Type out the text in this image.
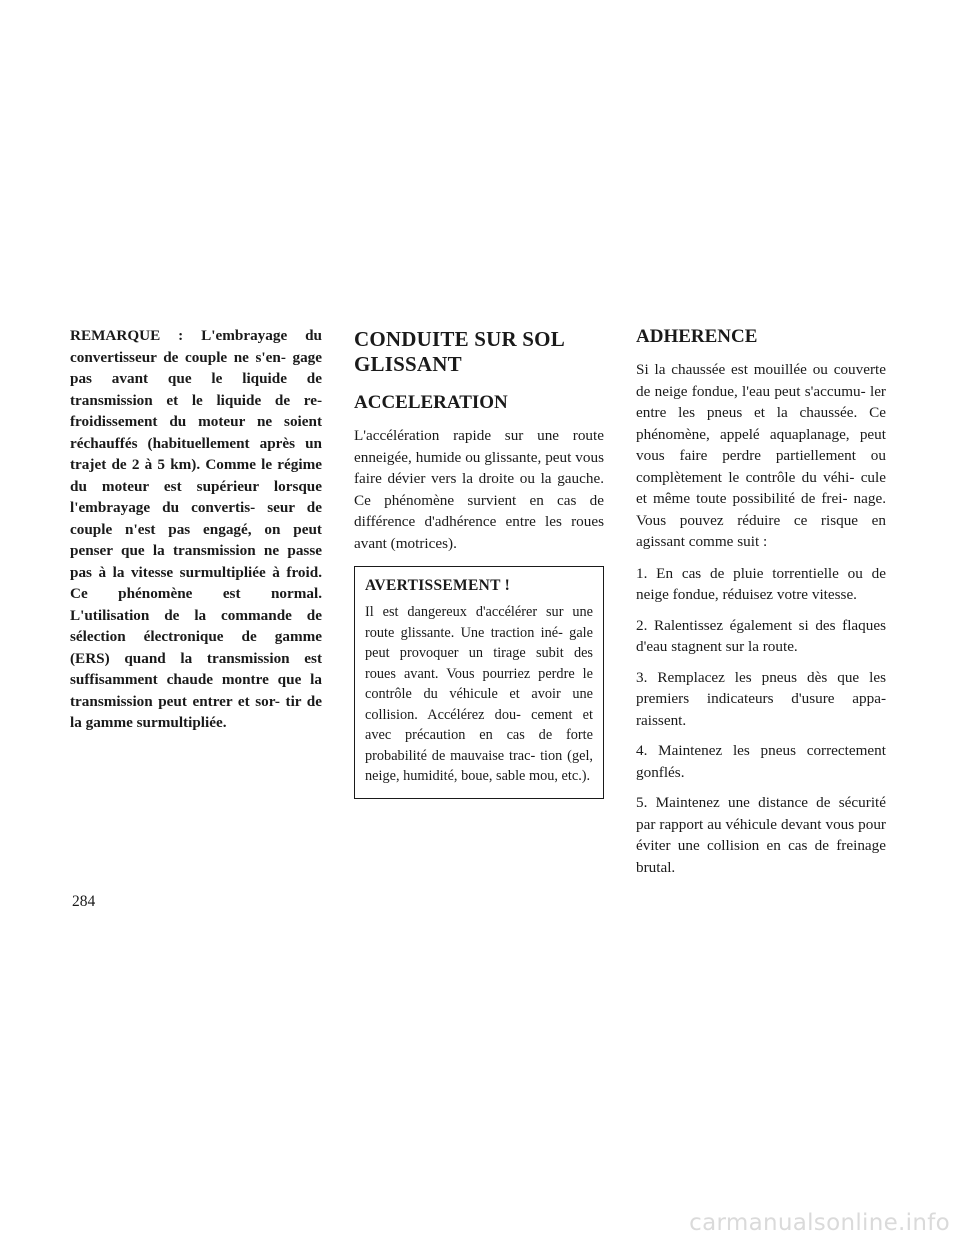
REMARQUE : L'embrayage du convertisseur de couple ne s'en- gage pas avant que le liquide de transmission et le liquide de re- froidissement du moteur ne soient réchauffés (habituellement après un trajet de 2 à 5 km). Comme le régime du moteur est supérieur lorsque l'embrayage du convertis- seur de couple n'est pas engagé, on peut penser que la transmission ne passe pas à la vitesse surmultipliée à froid. Ce phénomène est normal. L'utilisation de la commande de sélection électronique de gamme (ERS) quand la transmission est suffisamment chaude montre que la transmission peut entrer et sor- tir de la gamme surmultipliée.

CONDUITE SUR SOL GLISSANT
ACCELERATION

L'accélération rapide sur une route enneigée, humide ou glissante, peut vous faire dévier vers la droite ou la gauche. Ce phénomène survient en cas de différence d'adhérence entre les roues avant (motrices).

AVERTISSEMENT !

Il est dangereux d'accélérer sur une route glissante. Une traction iné- gale peut provoquer un tirage subit des roues avant. Vous pourriez perdre le contrôle du véhicule et avoir une collision. Accélérez dou- cement et avec précaution en cas de forte probabilité de mauvaise trac- tion (gel, neige, humidité, boue, sable mou, etc.).

ADHERENCE

Si la chaussée est mouillée ou couverte de neige fondue, l'eau peut s'accumu- ler entre les pneus et la chaussée. Ce phénomène, appelé aquaplanage, peut vous faire perdre partiellement ou complètement le contrôle du véhi- cule et même toute possibilité de frei- nage. Vous pouvez réduire ce risque en agissant comme suit :

1. En cas de pluie torrentielle ou de neige fondue, réduisez votre vitesse.

2. Ralentissez également si des flaques d'eau stagnent sur la route.

3. Remplacez les pneus dès que les premiers indicateurs d'usure appa- raissent.

4. Maintenez les pneus correctement gonflés.

5. Maintenez une distance de sécurité par rapport au véhicule devant vous pour éviter une collision en cas de freinage brutal.

284
carmanualsonline.info
